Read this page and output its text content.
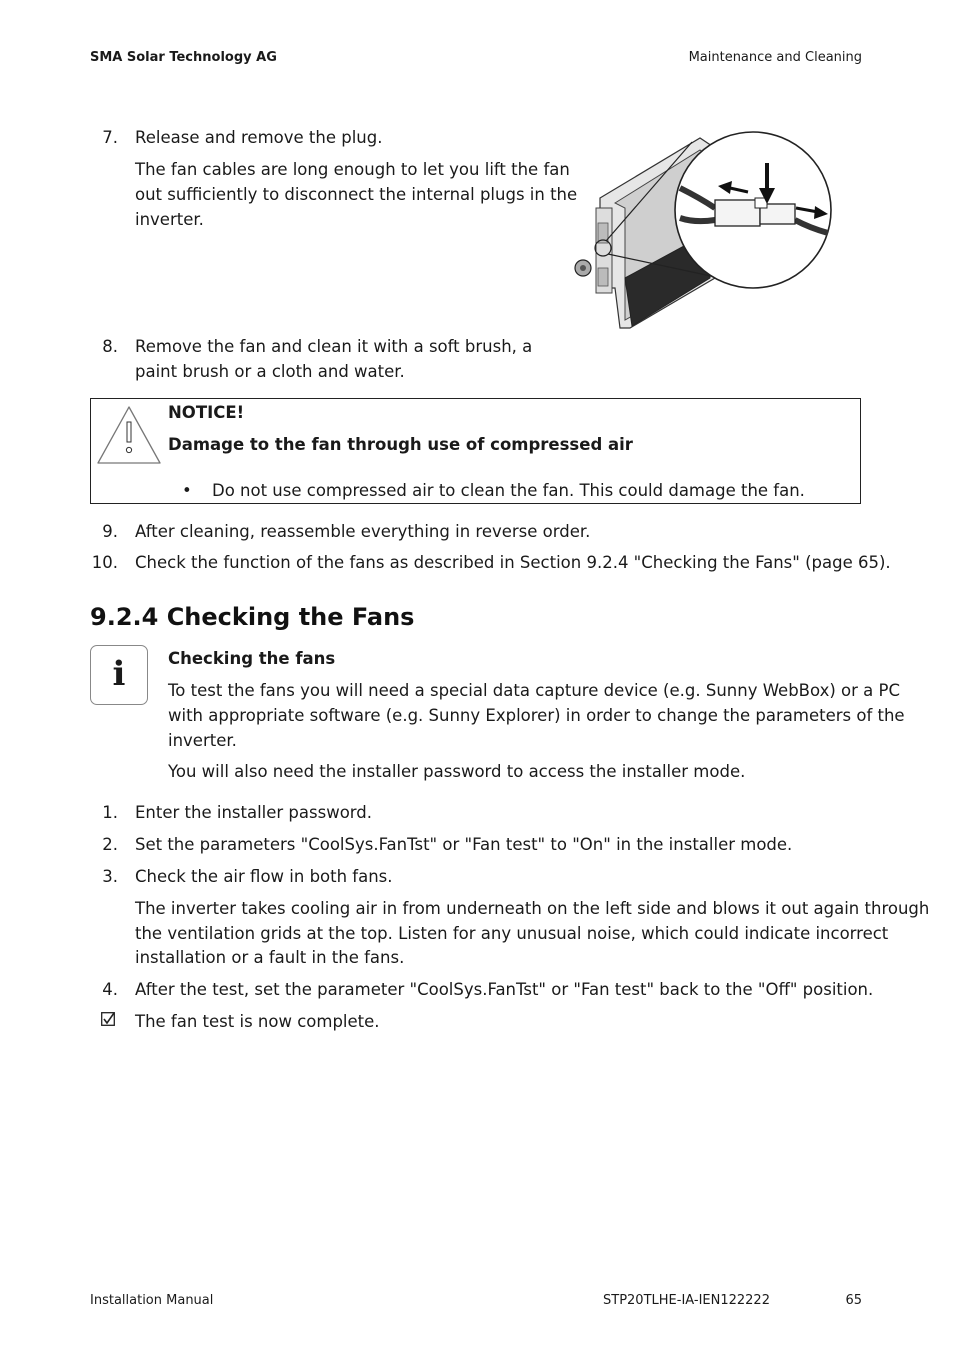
SMA Solar Technology AG	Maintenance and Cleaning
7. Release and remove the plug.
The fan cables are long enough to let you lift the fan
out sufficiently to disconnect the internal plugs in the
inverter.
8. Remove the fan and clean it with a soft brush, a
paint brush or a cloth and water.
NOTICE!
Damage to the fan through use of compressed air
• Do not use compressed air to clean the fan. This could damage the fan.
9. After cleaning, reassemble everything in reverse order.
10. Check the function of the fans as described in Section 9.2.4 "Checking the Fans" (page 65).
9.2.4 Checking the Fans
i	Checking the fans
To test the fans you will need a special data capture device (e.g. Sunny WebBox) or a PC
with appropriate software (e.g. Sunny Explorer) in order to change the parameters of the
inverter.
You will also need the installer password to access the installer mode.
1. Enter the installer password.
2. Set the parameters "CoolSys.FanTst" or "Fan test" to "On" in the installer mode.
3. Check the air flow in both fans.
The inverter takes cooling air in from underneath on the left side and blows it out again through
the ventilation grids at the top. Listen for any unusual noise, which could indicate incorrect
installation or a fault in the fans.
4. After the test, set the parameter "CoolSys.FanTst" or "Fan test" back to the "Off" position.
The fan test is now complete.
Installation Manual	STP20TLHE-IA-IEN122222	65
